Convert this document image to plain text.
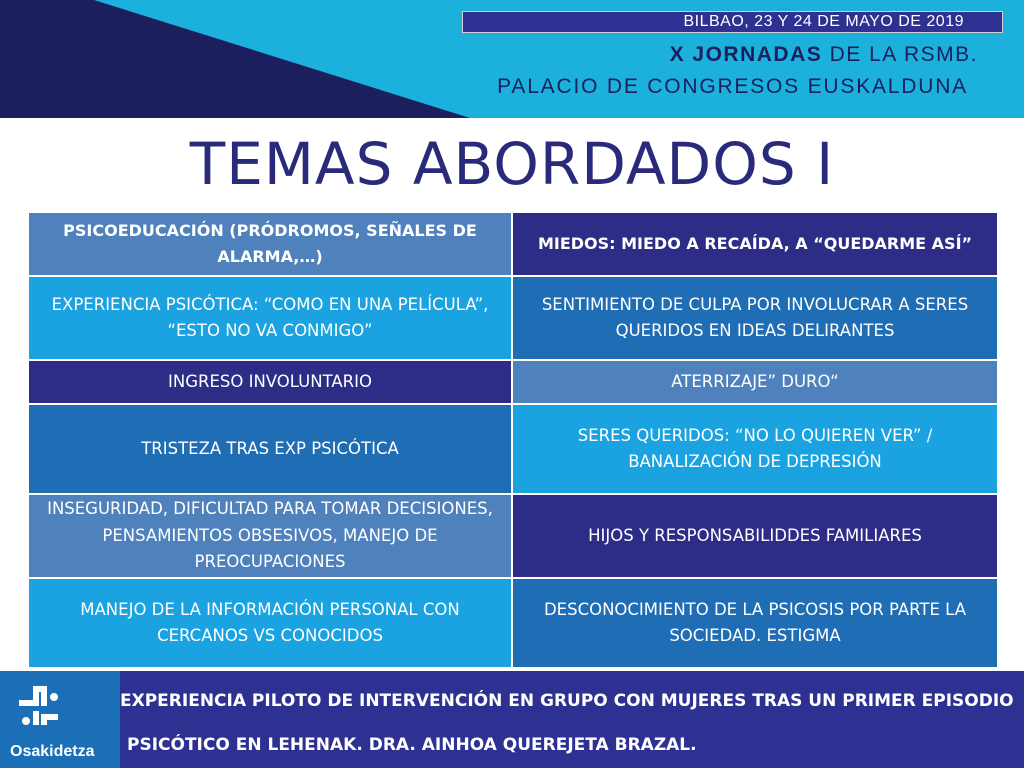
BILBAO, 23 Y 24 DE MAYO DE 2019
X JORNADAS DE LA RSMB.
PALACIO DE CONGRESOS EUSKALDUNA
TEMAS ABORDADOS I
PSICOEDUCACIÓN (PRÓDROMOS, SEÑALES DE ALARMA,…)
MIEDOS: MIEDO A RECAÍDA, A “QUEDARME ASÍ”
EXPERIENCIA PSICÓTICA: “COMO EN UNA PELÍCULA”, “ESTO NO VA CONMIGO”
SENTIMIENTO DE CULPA POR INVOLUCRAR A SERES QUERIDOS EN IDEAS DELIRANTES
INGRESO INVOLUNTARIO	ATERRIZAJE” DURO“
TRISTEZA TRAS EXP PSICÓTICA
SERES QUERIDOS: “NO LO QUIEREN VER” / BANALIZACIÓN DE DEPRESIÓN
INSEGURIDAD, DIFICULTAD PARA TOMAR DECISIONES, PENSAMIENTOS OBSESIVOS, MANEJO DE PREOCUPACIONES
HIJOS Y RESPONSABILIDDES FAMILIARES
MANEJO DE LA INFORMACIÓN PERSONAL CON CERCANOS VS CONOCIDOS
DESCONOCIMIENTO DE LA PSICOSIS POR PARTE LA SOCIEDAD. ESTIGMA
Osakidetza
EXPERIENCIA PILOTO DE INTERVENCIÓN EN GRUPO CON MUJERES TRAS UN PRIMER EPISODIO
PSICÓTICO EN LEHENAK. DRA. AINHOA QUEREJETA BRAZAL.
